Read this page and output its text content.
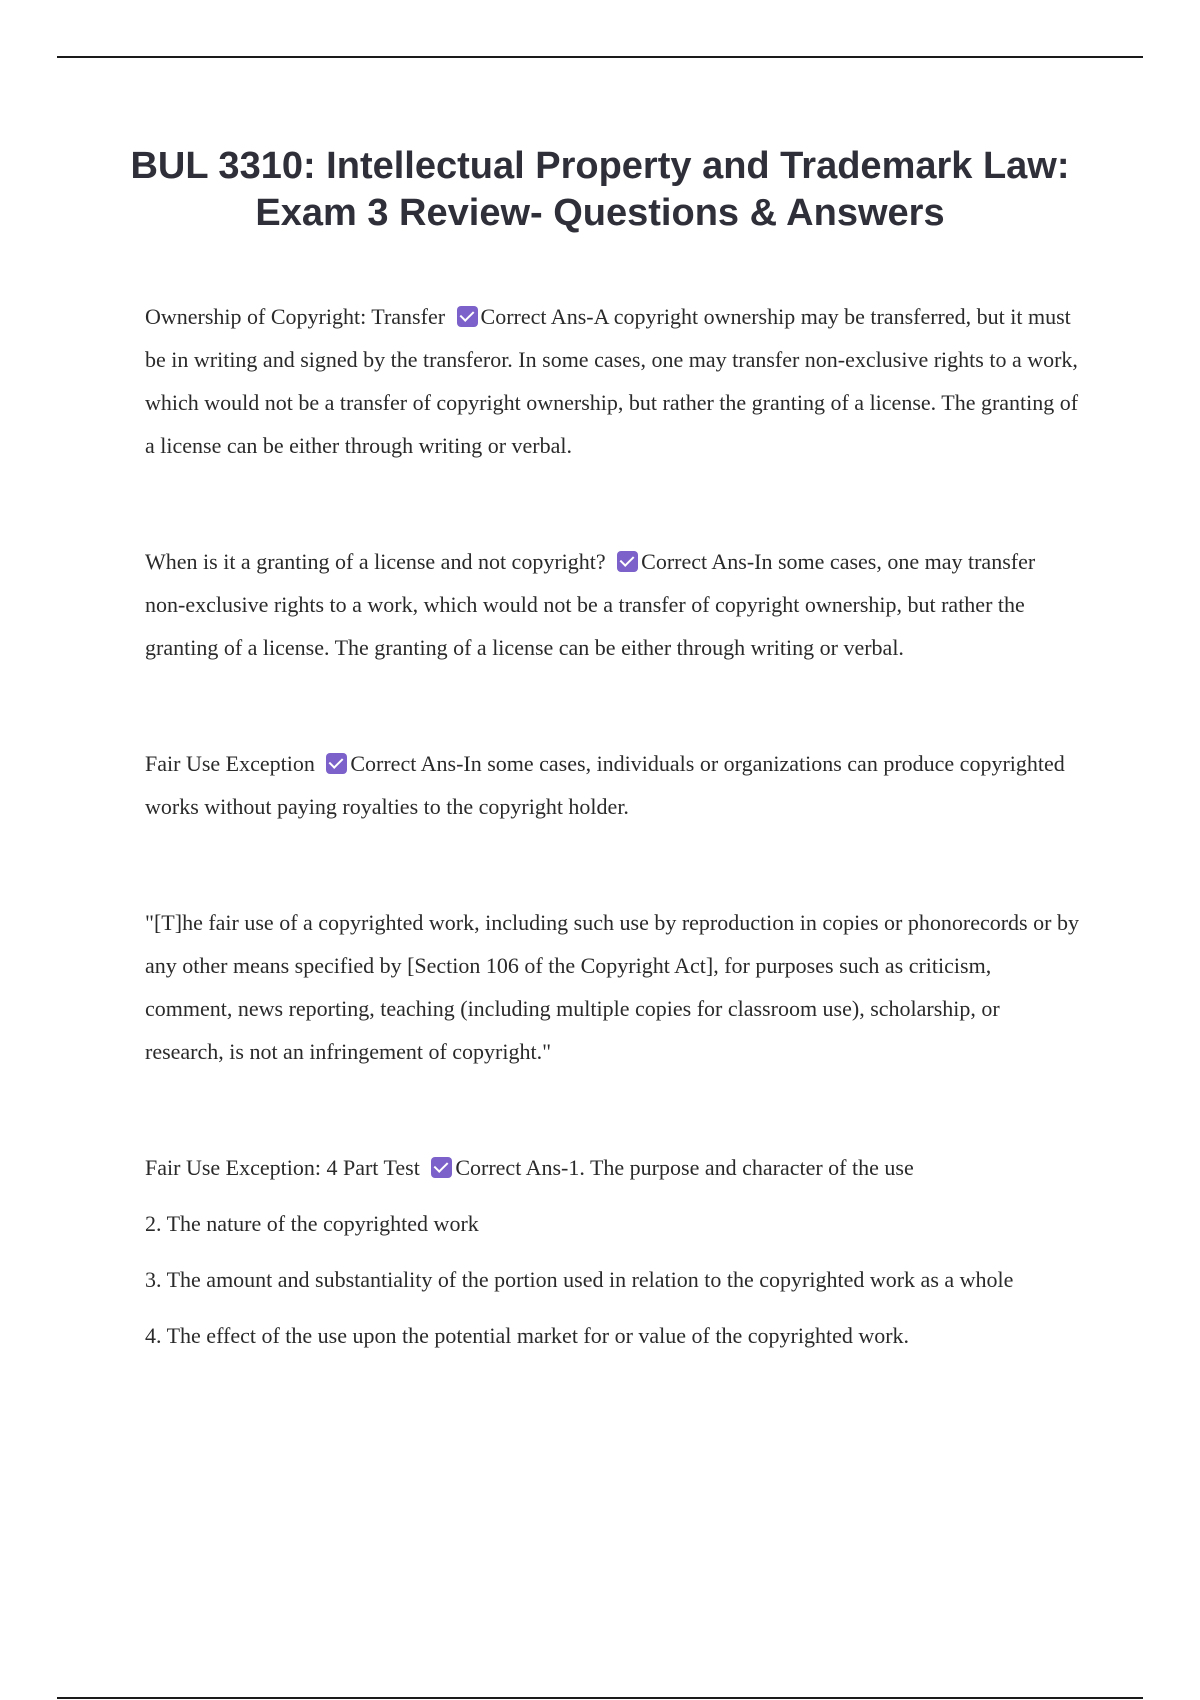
BUL 3310: Intellectual Property and Trademark Law: Exam 3 Review- Questions & Answers

Ownership of Copyright: Transfer Correct Ans-A copyright ownership may be transferred, but it must be in writing and signed by the transferor. In some cases, one may transfer non-exclusive rights to a work, which would not be a transfer of copyright ownership, but rather the granting of a license. The granting of a license can be either through writing or verbal.

When is it a granting of a license and not copyright? Correct Ans-In some cases, one may transfer non-exclusive rights to a work, which would not be a transfer of copyright ownership, but rather the granting of a license. The granting of a license can be either through writing or verbal.

Fair Use Exception Correct Ans-In some cases, individuals or organizations can produce copyrighted works without paying royalties to the copyright holder.

"[T]he fair use of a copyrighted work, including such use by reproduction in copies or phonorecords or by any other means specified by [Section 106 of the Copyright Act], for purposes such as criticism, comment, news reporting, teaching (including multiple copies for classroom use), scholarship, or research, is not an infringement of copyright."

Fair Use Exception: 4 Part Test Correct Ans-1. The purpose and character of the use

2. The nature of the copyrighted work

3. The amount and substantiality of the portion used in relation to the copyrighted work as a whole

4. The effect of the use upon the potential market for or value of the copyrighted work.
